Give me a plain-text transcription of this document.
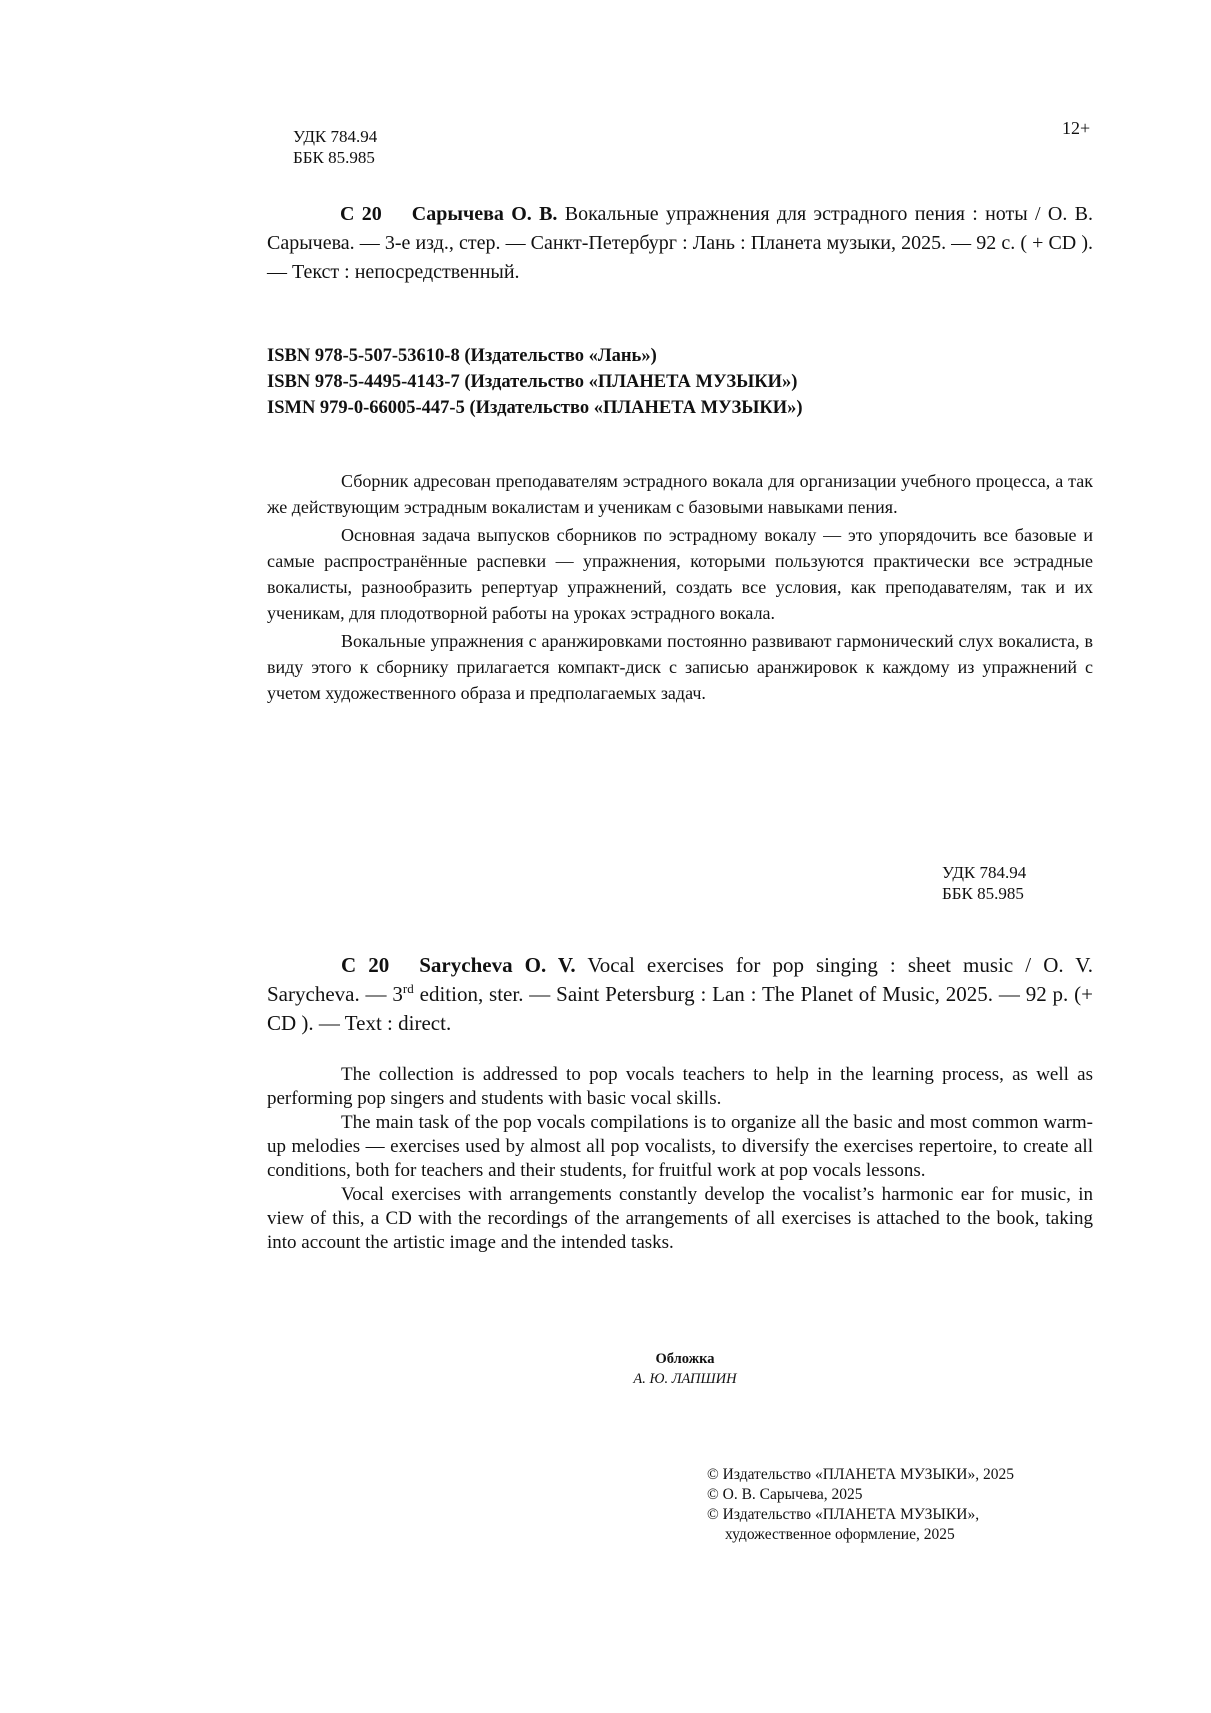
УДК 784.94
ББК 85.985
12+
С 20 Сарычева О. В. Вокальные упражнения для эстрадного пения : ноты / О. В. Сарычева. — 3-е изд., стер. — Санкт-Петербург : Лань : Планета музыки, 2025. — 92 с. ( + CD ). — Текст : непосредственный.
ISBN 978-5-507-53610-8 (Издательство «Лань»)
ISBN 978-5-4495-4143-7 (Издательство «ПЛАНЕТА МУЗЫКИ»)
ISMN 979-0-66005-447-5 (Издательство «ПЛАНЕТА МУЗЫКИ»)

Сборник адресован преподавателям эстрадного вокала для организации учебного процесса, а так же действующим эстрадным вокалистам и ученикам с базовыми навыками пения.

Основная задача выпусков сборников по эстрадному вокалу — это упорядочить все базовые и самые распространённые распевки — упражнения, которыми пользуются практически все эстрадные вокалисты, разнообразить репертуар упражнений, создать все условия, как преподавателям, так и их ученикам, для плодотворной работы на уроках эстрадного вокала.

Вокальные упражнения с аранжировками постоянно развивают гармонический слух вокалиста, в виду этого к сборнику прилагается компакт-диск с записью аранжировок к каждому из упражнений с учетом художественного образа и предполагаемых задач.

УДК 784.94
ББК 85.985
C 20 Sarycheva O. V. Vocal exercises for pop singing : sheet music / O. V. Sarycheva. — 3rd edition, ster. — Saint Petersburg : Lan : The Planet of Music, 2025. — 92 p. (+ CD ). — Text : direct.

The collection is addressed to pop vocals teachers to help in the learning process, as well as performing pop singers and students with basic vocal skills.

The main task of the pop vocals compilations is to organize all the basic and most common warm-up melodies — exercises used by almost all pop vocalists, to diversify the exercises repertoire, to create all conditions, both for teachers and their students, for fruitful work at pop vocals lessons.

Vocal exercises with arrangements constantly develop the vocalist’s harmonic ear for music, in view of this, a CD with the recordings of the arrangements of all exercises is attached to the book, taking into account the artistic image and the intended tasks.

Обложка
А. Ю. ЛАПШИН
© Издательство «ПЛАНЕТА МУЗЫКИ», 2025
© О. В. Сарычева, 2025
© Издательство «ПЛАНЕТА МУЗЫКИ»,
художественное оформление, 2025
